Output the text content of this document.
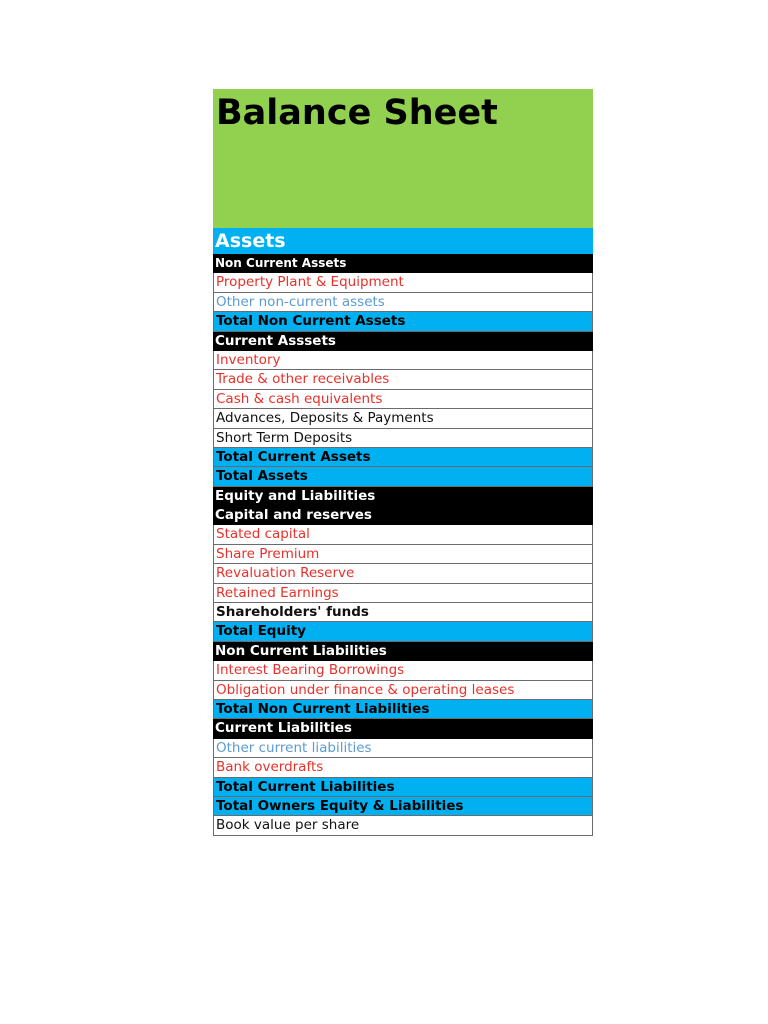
Balance Sheet
Assets
Non Current Assets
Property Plant & Equipment
Other non-current assets
Total Non Current Assets
Current Asssets
Inventory
Trade & other receivables
Cash & cash equivalents
Advances, Deposits & Payments
Short Term Deposits
Total Current Assets
Total Assets
Equity and Liabilities
Capital and reserves
Stated capital
Share Premium
Revaluation Reserve
Retained Earnings
Shareholders' funds
Total Equity
Non Current Liabilities
Interest Bearing Borrowings
Obligation under finance & operating leases
Total Non Current Liabilities
Current Liabilities
Other current liabilities
Bank overdrafts
Total Current Liabilities
Total Owners Equity & Liabilities
Book value per share
